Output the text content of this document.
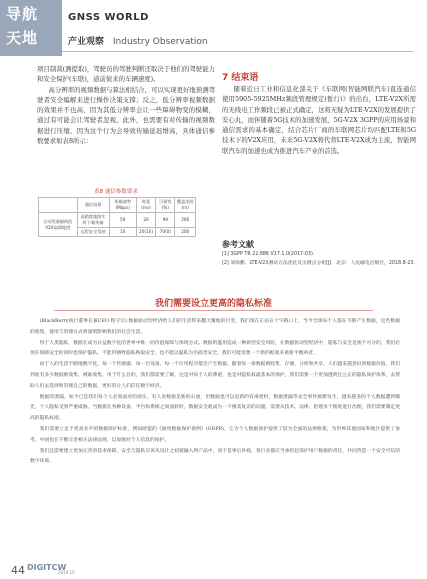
导航
天地
GNSS WORLD
产业观察 Industry Observation

项目制裁(测提取)，驾驶员的驾驶判断还取决于他们的驾驶能力和安全保护(车联)，道前彼来的车辆速度)。

高分辨率的视频数据与算法相结合，可以实现更好地预测驾驶者安全编解来进行操作决策支撑；反之，低分辨率视频数据的效果并不也高，因为其低分辨率会让一些障碍物变的模糊，通过有可能会让驾驶者忽视。此外，也需要有对传输的视频数据进行压缩，因为这个行为会导致传输延迟增高，具体通信参数要求如表8所示：

表8 通信参数要求
	通信场景	传输速率(Mbps)	时延(ms)	可靠性(%)	覆盖范围(m)
自动驾驶辅助的V2X高精地图	高精度地图实时下载传输	50	20	99	200
	远程安全驾驶	10	20(10)	70(0)	200
7 结束语

随着近日工业和信息化部关于《车联网(智能网联汽车)直连通信使用5905-5925MHz频段管理规定(暂行)》的出台，LTE-V2X所需的无线电工作频段已被正式确定，这将无疑为LTE-V2X的发展提供了安心丸，而伴随着5G技术的加速发展，5G-V2X 3GPP的应用场景和通信需求的基本确定，结合芯片厂商的车联网芯片均匹配LTE和5G技术下的V2X应用，未来5G-V2X将代替LTE-V2X成为主流，智能网联汽车的加速也成为推进汽车产业的首选。

参考文献

[1] 3GPP TR 22.886 V17.1.0(2017-03).

[2] 刘海鹏．LTE-V2X测试方法优化及关键点分析[J]．北京：人民邮电出版社，2018.8-23.

我们需要设立更高的隐私标准

(BlackBerry执行董事长兼CEO 程守宗) 数据驱动型经济给人们的生活带来翻天覆地的巨变，我们现在正站在十字路口上，当今全球每个人都在不断产生数据，这些数据的收集、使用与管理方式将深刻影响我们的社会生活。

得于人类隐私，数据在成为日益数字化的世界中唯一的价值保障与体现方式。数据的滥用造成一种新型安全风险，在数据驱动型经济中，隐私与安全是密不可分的，我们必须在保障安全的同时也保护隐私，不能用牺牲隐私换取安全，也不能以隐私为名损害安全，我们可能需要一个新的框架来重新平衡两者。

由于人的生活不断地数字化，每一个传感器、每一台设备、每一个应用程序都会产生数据，随着每一条数据被收集、存储、分析和共享，人们越来越意识到数据价值，我们到底有多少数据被收集、被谁收集、用于什么目的，我们都需要了解，这是对每个人的尊重，也是对隐私权最基本的保护，我们需要一个更加透明且公正的隐私保护体系，去帮助人们去选择和管理自己的数据，更好的让人们信任数字经济。

数据的泄漏，如今已是我们每个人必须面对的现实，有人说数据是新的石油，但数据也可以是新的有毒废料，数据泄漏等安全事件频繁发生，越来越多的个人数据遭到曝光，个人隐私受到严重威胁。当数据在各种设备、平台和系统之间流转时，数据安全就成为一个极其复杂的问题，需要从技术、法律、伦理多个维度进行治理，我们需要制定更高的隐私标准。

我们需要立足于更高水平的数据保护标准，例如欧盟的《通用数据保护条例》(GDPR)，它为个人数据保护提供了较为全面的法律框架，为世界其他国家和地区提供了参考，中国也在不断完善相关法律法规，以加强对个人信息的保护。

我们还需要建立更加完善的技术保障，安全与隐私应该从设计之初就融入到产品中，而不是事后补救，各行业都应当承担起保护用户数据的责任，共同营造一个安全可信的数字环境。

44 DIGITCW
2019.10
